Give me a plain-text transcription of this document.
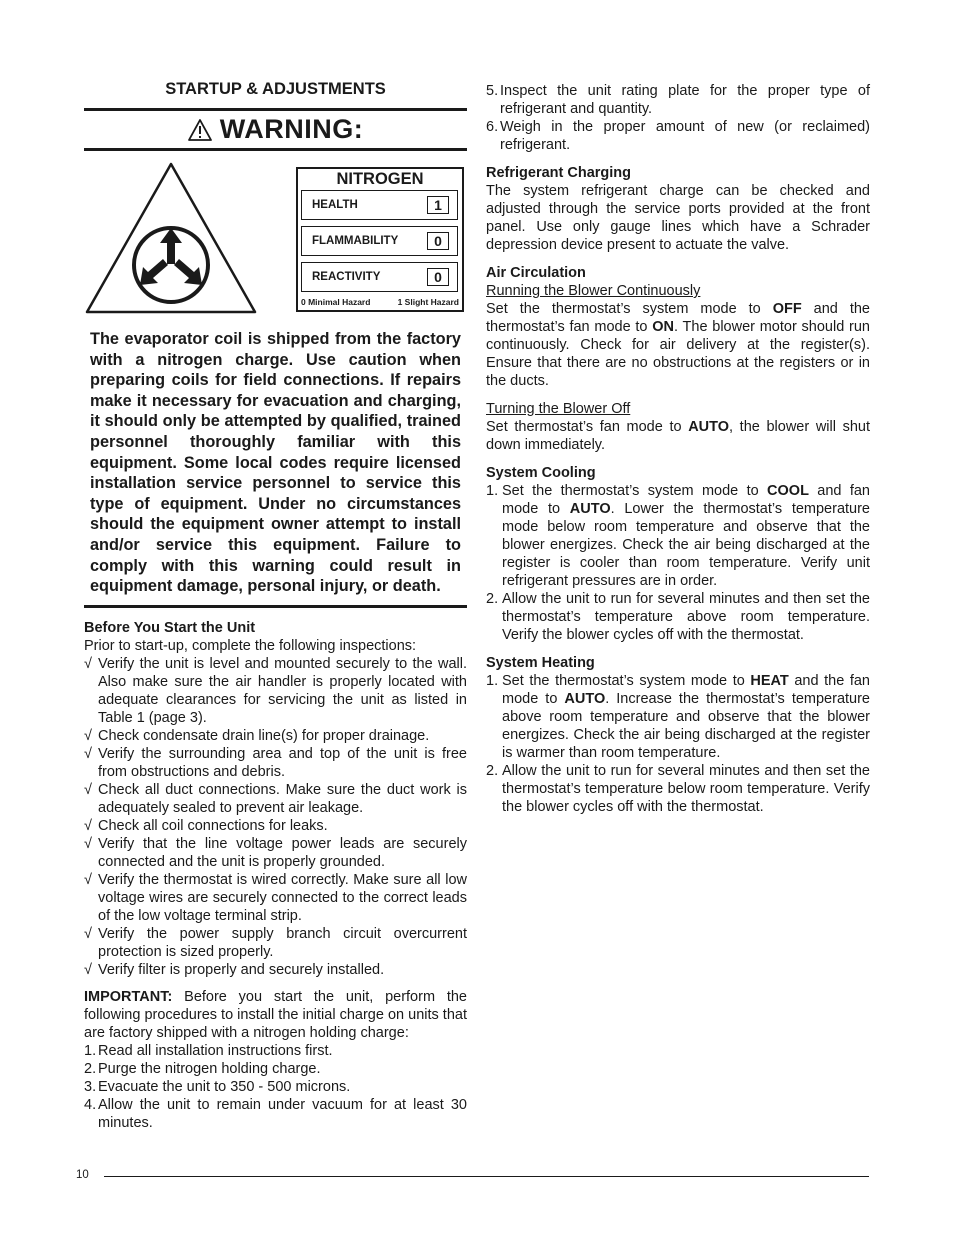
STARTUP & ADJUSTMENTS
WARNING:
NITROGEN
HEALTH	1
FLAMMABILITY	0
REACTIVITY	0
0 Minimal Hazard	1 Slight Hazard
The evaporator coil is shipped from the factory with a nitrogen charge. Use caution when preparing coils for field connections. If repairs make it necessary for evacuation and charging, it should only be attempted by qualified, trained personnel thoroughly familiar with this equipment. Some local codes require licensed installation service personnel to service this type of equipment. Under no circumstances should the equipment owner attempt to install and/or service this equipment. Failure to comply with this warning could result in equipment damage, personal injury, or death.
Before You Start the Unit
Prior to start-up, complete the following inspections:
√ Verify the unit is level and mounted securely to the wall. Also make sure the air handler is properly located with adequate clearances for servicing the unit as listed in Table 1 (page 3).
√ Check condensate drain line(s) for proper drainage.
√ Verify the surrounding area and top of the unit is free from obstructions and debris.
√ Check all duct connections. Make sure the duct work is adequately sealed to prevent air leakage.
√ Check all coil connections for leaks.
√ Verify that the line voltage power leads are securely connected and the unit is properly grounded.
√ Verify the thermostat is wired correctly. Make sure all low voltage wires are securely connected to the correct leads of the low voltage terminal strip.
√ Verify the power supply branch circuit overcurrent protection is sized properly.
√ Verify filter is properly and securely installed.
IMPORTANT: Before you start the unit, perform the following procedures to install the initial charge on units that are factory shipped with a nitrogen holding charge:
1. Read all installation instructions first.
2. Purge the nitrogen holding charge.
3. Evacuate the unit to 350 - 500 microns.
4. Allow the unit to remain under vacuum for at least 30 minutes.
5. Inspect the unit rating plate for the proper type of refrigerant and quantity.
6. Weigh in the proper amount of new (or reclaimed) refrigerant.
Refrigerant Charging
The system refrigerant charge can be checked and adjusted through the service ports provided at the front panel. Use only gauge lines which have a Schrader depression device present to actuate the valve.
Air Circulation
Running the Blower Continuously
Set the thermostat’s system mode to OFF and the thermostat’s fan mode to ON. The blower motor should run continuously. Check for air delivery at the register(s). Ensure that there are no obstructions at the registers or in the ducts.
Turning the Blower Off
Set thermostat’s fan mode to AUTO, the blower will shut down immediately.
System Cooling
1. Set the thermostat’s system mode to COOL and fan mode to AUTO. Lower the thermostat’s temperature mode below room temperature and observe that the blower energizes. Check the air being discharged at the register is cooler than room temperature. Verify unit refrigerant pressures are in order.
2. Allow the unit to run for several minutes and then set the thermostat’s temperature above room temperature. Verify the blower cycles off with the thermostat.
System Heating
1. Set the thermostat’s system mode to HEAT and the fan mode to AUTO. Increase the thermostat’s temperature above room temperature and observe that the blower energizes. Check the air being discharged at the register is warmer than room temperature.
2. Allow the unit to run for several minutes and then set the thermostat’s temperature below room temperature. Verify the blower cycles off with the thermostat.
10
